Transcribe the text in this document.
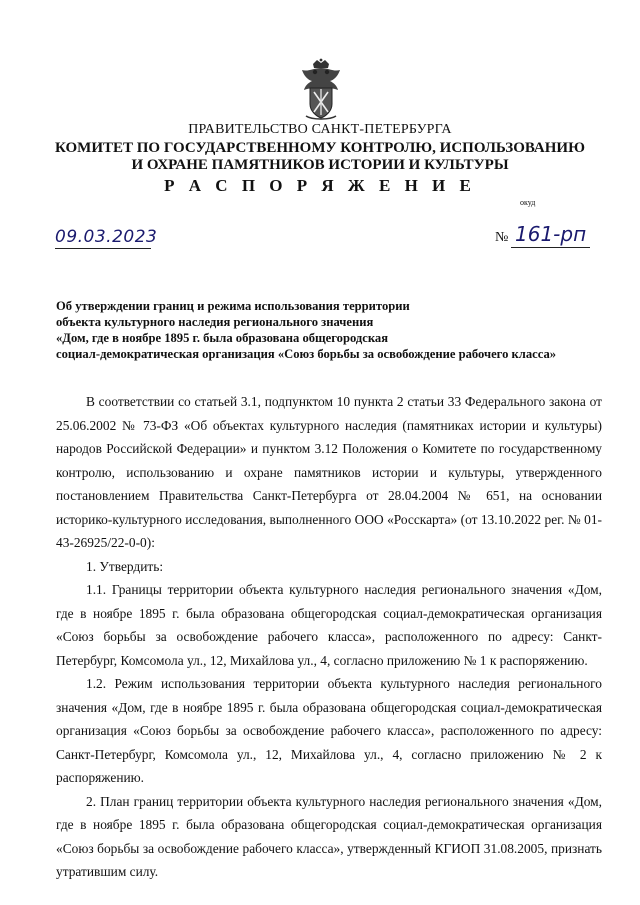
ПРАВИТЕЛЬСТВО САНКТ-ПЕТЕРБУРГА
КОМИТЕТ ПО ГОСУДАРСТВЕННОМУ КОНТРОЛЮ, ИСПОЛЬЗОВАНИЮ
И ОХРАНЕ ПАМЯТНИКОВ ИСТОРИИ И КУЛЬТУРЫ
Р А С П О Р Я Ж Е Н И Е
окуд
09.03.2023	№ 161-рп
Об утверждении границ и режима использования территории
объекта культурного наследия регионального значения
«Дом, где в ноябре 1895 г. была образована общегородская
социал-демократическая организация «Союз борьбы за освобождение рабочего класса»

В соответствии со статьей 3.1, подпунктом 10 пункта 2 статьи 33 Федерального закона от 25.06.2002 № 73-ФЗ «Об объектах культурного наследия (памятниках истории и культуры) народов Российской Федерации» и пунктом 3.12 Положения о Комитете по государственному контролю, использованию и охране памятников истории и культуры, утвержденного постановлением Правительства Санкт-Петербурга от 28.04.2004 № 651, на основании историко-культурного исследования, выполненного ООО «Росскарта» (от 13.10.2022 рег. № 01-43-26925/22-0-0):

1. Утвердить:

1.1. Границы территории объекта культурного наследия регионального значения «Дом, где в ноябре 1895 г. была образована общегородская социал-демократическая организация «Союз борьбы за освобождение рабочего класса», расположенного по адресу: Санкт-Петербург, Комсомола ул., 12, Михайлова ул., 4, согласно приложению № 1 к распоряжению.

1.2. Режим использования территории объекта культурного наследия регионального значения «Дом, где в ноябре 1895 г. была образована общегородская социал-демократическая организация «Союз борьбы за освобождение рабочего класса», расположенного по адресу: Санкт-Петербург, Комсомола ул., 12, Михайлова ул., 4, согласно приложению № 2 к распоряжению.

2. План границ территории объекта культурного наследия регионального значения «Дом, где в ноябре 1895 г. была образована общегородская социал-демократическая организация «Союз борьбы за освобождение рабочего класса», утвержденный КГИОП 31.08.2005, признать утратившим силу.
